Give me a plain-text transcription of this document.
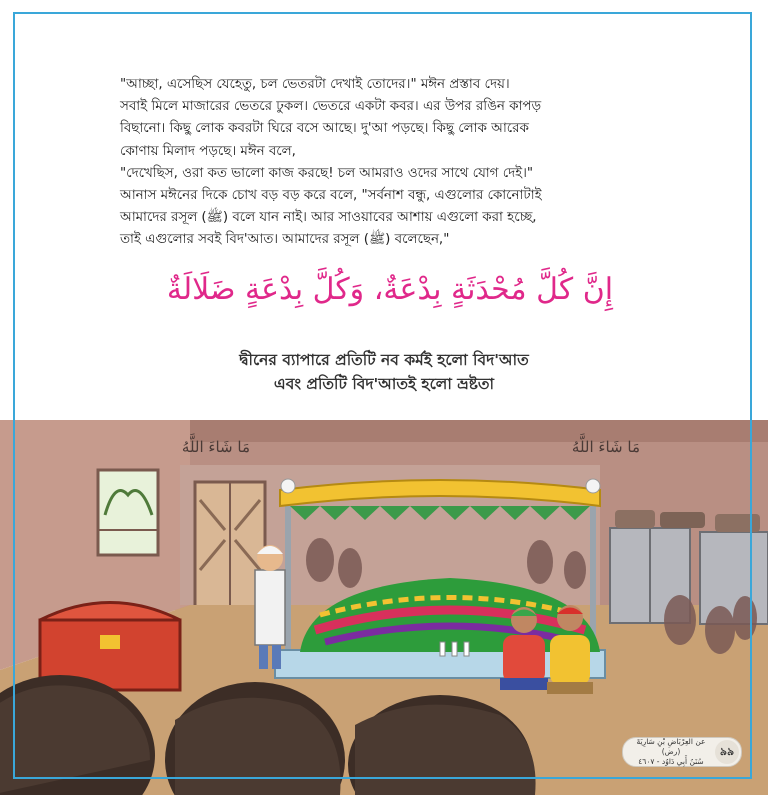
"আচ্ছা, এসেছিস যেহেতু, চল ভেতরটা দেখাই তোদের।" মঈন প্রস্তাব দেয়।

সবাই মিলে মাজারের ভেতরে ঢুকল। ভেতরে একটা কবর। এর উপর রঙিন কাপড়

বিছানো। কিছু লোক কবরটা ঘিরে বসে আছে। দু'আ পড়ছে। কিছু লোক আরেক

কোণায় মিলাদ পড়ছে। মঈন বলে,

"দেখেছিস, ওরা কত ভালো কাজ করছে! চল আমরাও ওদের সাথে যোগ দেই।"

আনাস মঈনের দিকে চোখ বড় বড় করে বলে, "সর্বনাশ বন্ধু, এগুলোর কোনোটাই

আমাদের রসূল (ﷺ) বলে যান নাই। আর সাওয়াবের আশায় এগুলো করা হচ্ছে,

তাই এগুলোর সবই বিদ'আত। আমাদের রসূল (ﷺ) বলেছেন,"

إِنَّ كُلَّ مُحْدَثَةٍ بِدْعَةٌ، وَكُلَّ بِدْعَةٍ ضَلَالَةٌ

দ্বীনের ব্যাপারে প্রতিটি নব কর্মই হলো বিদ'আত

এবং প্রতিটি বিদ'আতই হলো ভ্রষ্টতা

مَا شَاءَ اللَّهُ	مَا شَاءَ اللَّهُ
عن العِرْبَاضِ بْنِ سَارِيَةَ (رض)
سُنَنُ أَبِي دَاوُد - ٤٦٠٧
৯৯
